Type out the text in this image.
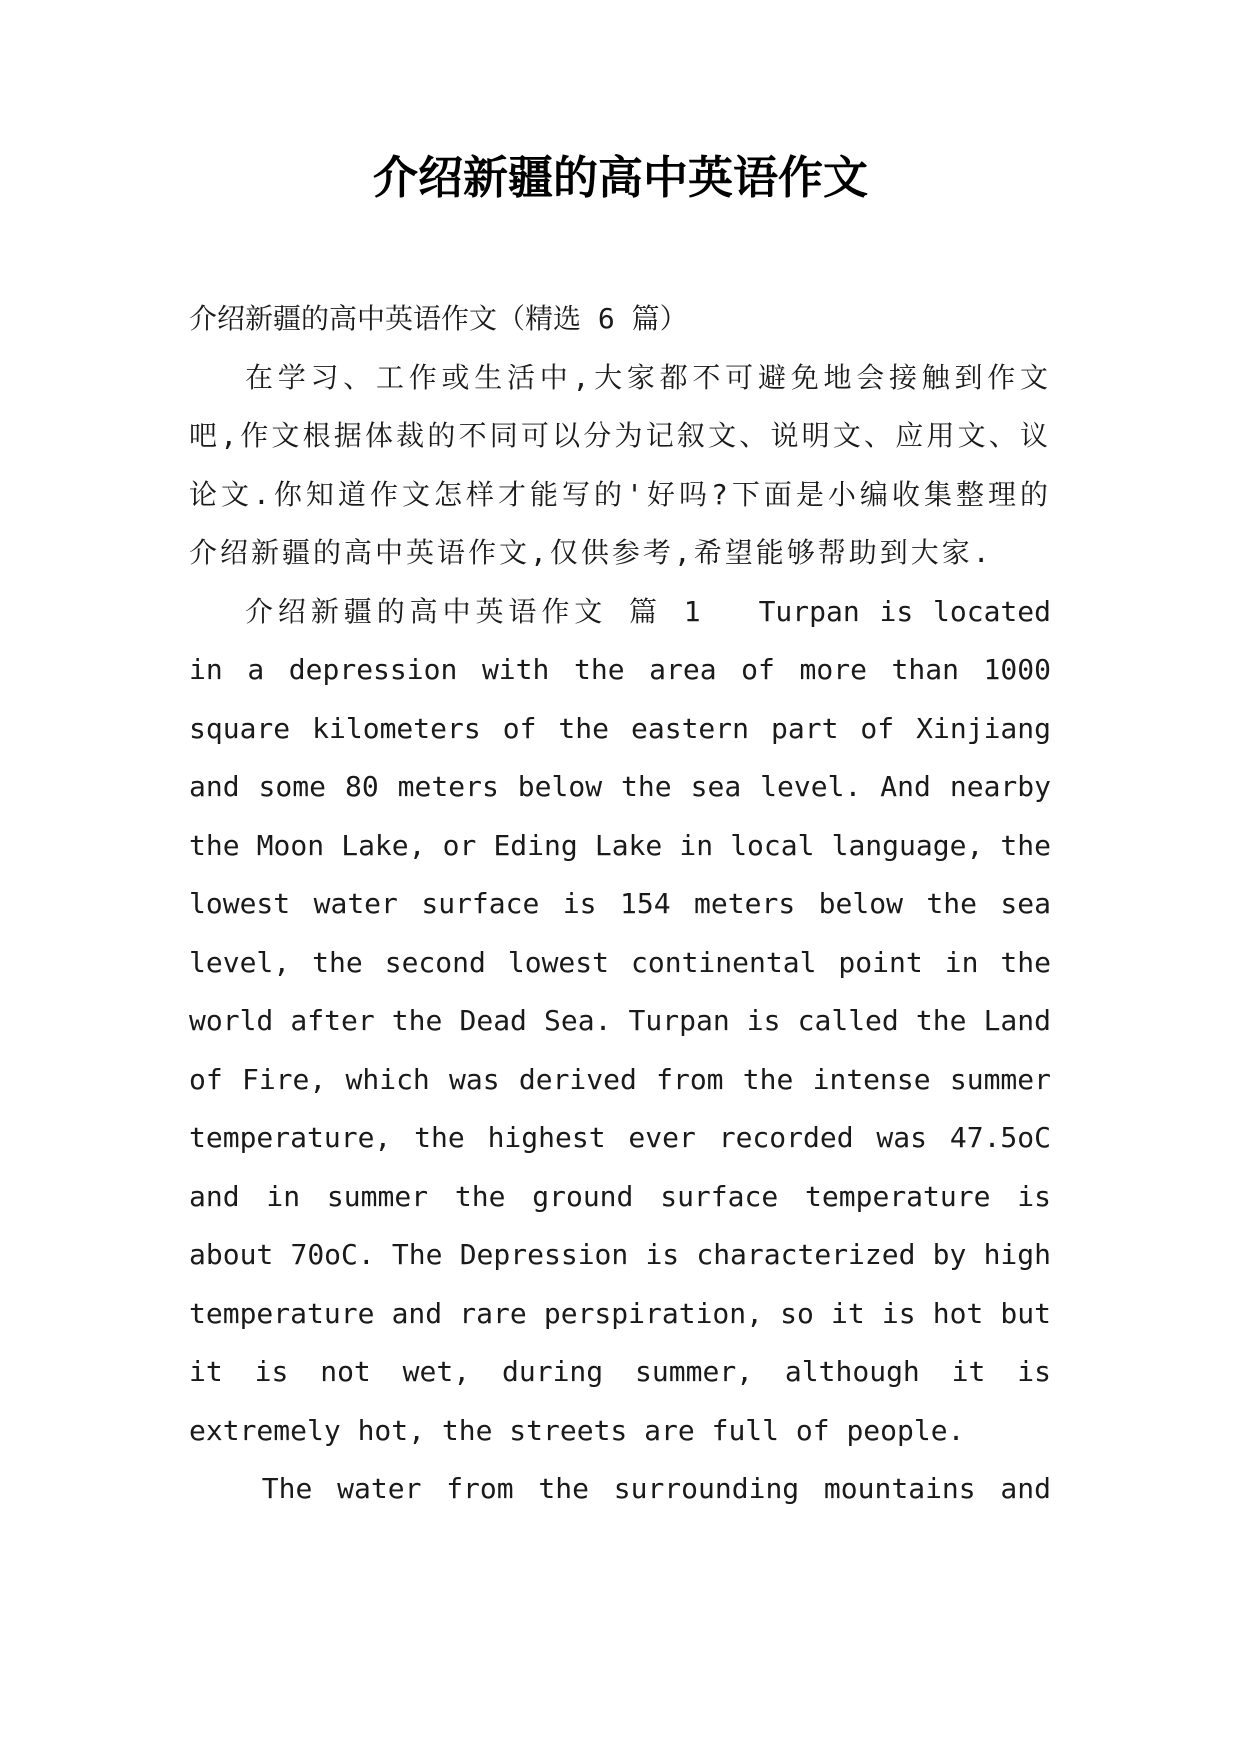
介绍新疆的高中英语作文

介绍新疆的高中英语作文（精选 6 篇）

在学习、工作或生活中,大家都不可避免地会接触到作文吧,作文根据体裁的不同可以分为记叙文、说明文、应用文、议论文.你知道作文怎样才能写的'好吗?下面是小编收集整理的介绍新疆的高中英语作文,仅供参考,希望能够帮助到大家.

介绍新疆的高中英语作文 篇 1 Turpan is located in a depression with the area of more than 1000 square kilometers of the eastern part of Xinjiang and some 80 meters below the sea level. And nearby the Moon Lake, or Eding Lake in local language, the lowest water surface is 154 meters below the sea level, the second lowest continental point in the world after the Dead Sea. Turpan is called the Land of Fire, which was derived from the intense summer temperature, the highest ever recorded was 47.5oC and in summer the ground surface temperature is about 70oC. The Depression is characterized by high temperature and rare perspiration, so it is hot but it is not wet, during summer, although it is extremely hot, the streets are full of people.

The water from the surrounding mountains and
